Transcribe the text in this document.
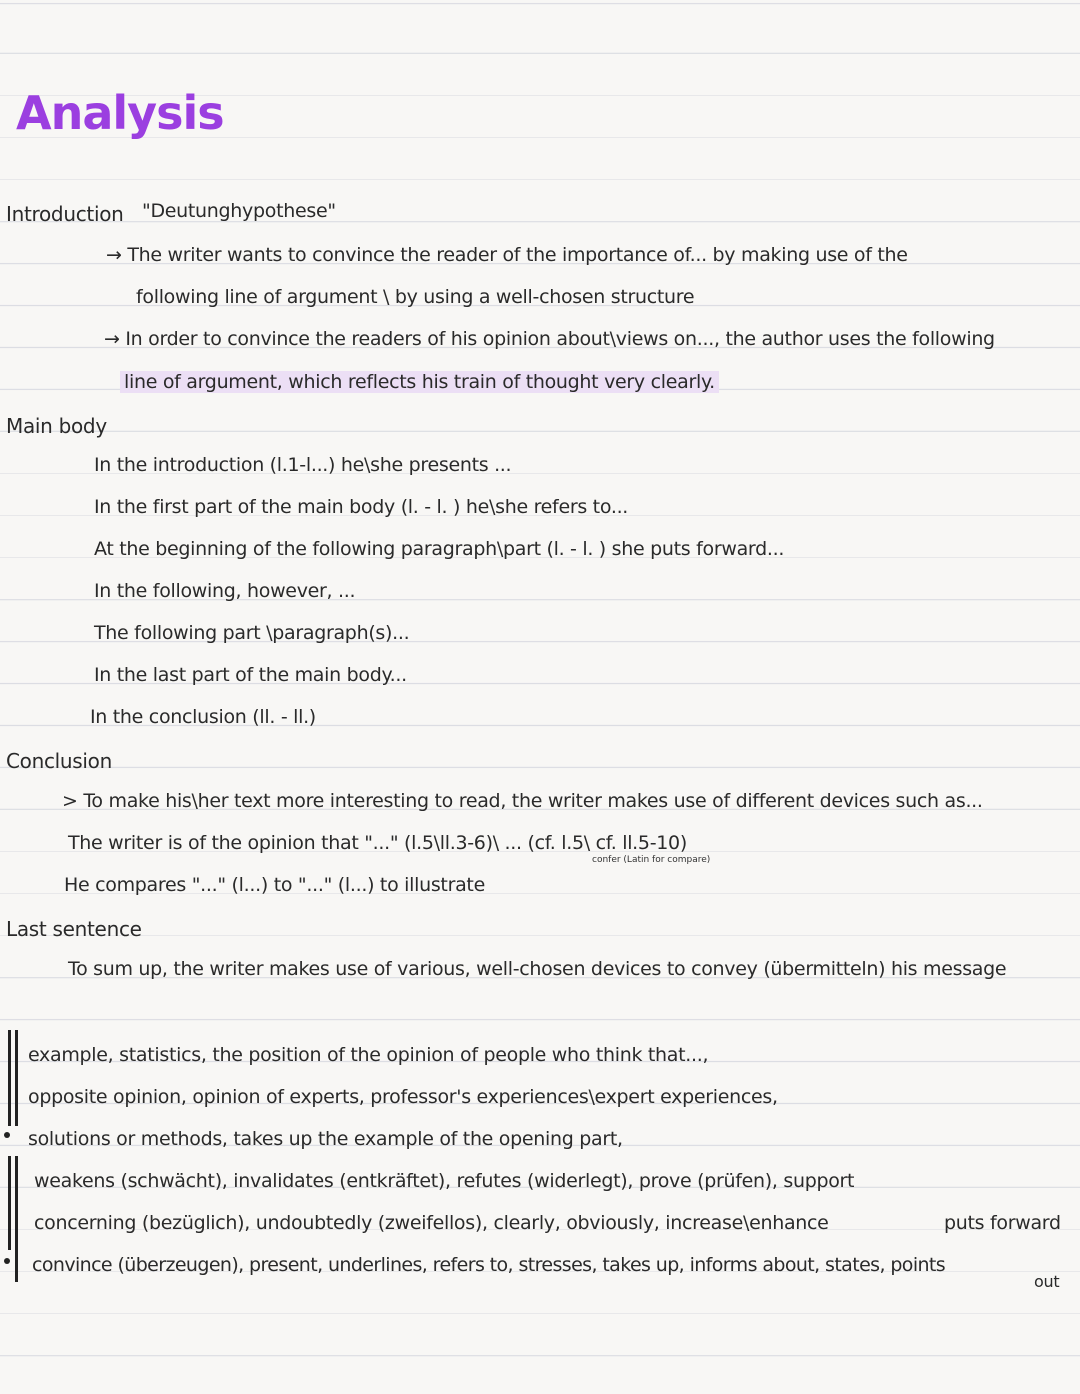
Analysis
Introduction "Deutunghypothese"
→ The writer wants to convince the reader of the importance of... by making use of the
following line of argument \ by using a well-chosen structure
→ In order to convince the readers of his opinion about\views on..., the author uses the following
line of argument, which reflects his train of thought very clearly.
Main body
In the introduction (l.1-l...) he\she presents ...
In the first part of the main body (l. - l. ) he\she refers to...
At the beginning of the following paragraph\part (l. - l. ) she puts forward...
In the following, however, ...
The following part \paragraph(s)...
In the last part of the main body...
In the conclusion (ll. - ll.)
Conclusion
> To make his\her text more interesting to read, the writer makes use of different devices such as...
The writer is of the opinion that "..." (l.5\ll.3-6)\ ... (cf. l.5\ cf. ll.5-10)
confer (Latin for compare)
He compares "..." (l...) to "..." (l...) to illustrate
Last sentence
To sum up, the writer makes use of various, well-chosen devices to convey (übermitteln) his message
example, statistics, the position of the opinion of people who think that...,
opposite opinion, opinion of experts, professor's experiences\expert experiences,
solutions or methods, takes up the example of the opening part,
weakens (schwächt), invalidates (entkräftet), refutes (widerlegt), prove (prüfen), support
concerning (bezüglich), undoubtedly (zweifellos), clearly, obviously, increase\enhance	puts forward
convince (überzeugen), present, underlines, refers to, stresses, takes up, informs about, states, points
out
